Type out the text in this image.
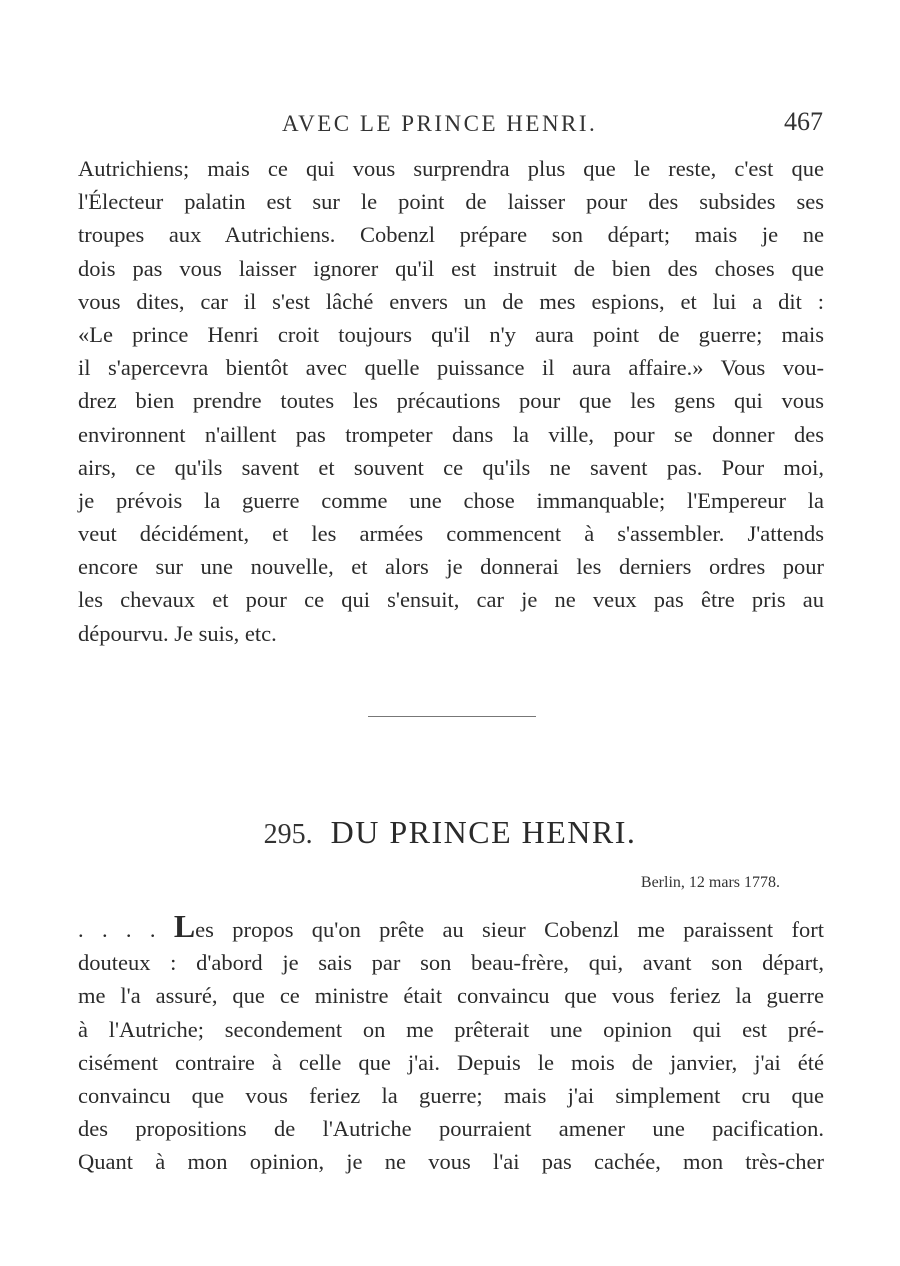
AVEC LE PRINCE HENRI.	467
Autrichiens; mais ce qui vous surprendra plus que le reste, c'est que
l'Électeur palatin est sur le point de laisser pour des subsides ses
troupes aux Autrichiens. Cobenzl prépare son départ; mais je ne
dois pas vous laisser ignorer qu'il est instruit de bien des choses que
vous dites, car il s'est lâché envers un de mes espions, et lui a dit :
«Le prince Henri croit toujours qu'il n'y aura point de guerre; mais
il s'apercevra bientôt avec quelle puissance il aura affaire.» Vous vou-
drez bien prendre toutes les précautions pour que les gens qui vous
environnent n'aillent pas trompeter dans la ville, pour se donner des
airs, ce qu'ils savent et souvent ce qu'ils ne savent pas. Pour moi,
je prévois la guerre comme une chose immanquable; l'Empereur la
veut décidément, et les armées commencent à s'assembler. J'attends
encore sur une nouvelle, et alors je donnerai les derniers ordres pour
les chevaux et pour ce qui s'ensuit, car je ne veux pas être pris au
dépourvu. Je suis, etc.
295. DU PRINCE HENRI.
Berlin, 12 mars 1778.
. . . . Les propos qu'on prête au sieur Cobenzl me paraissent fort
douteux : d'abord je sais par son beau-frère, qui, avant son départ,
me l'a assuré, que ce ministre était convaincu que vous feriez la guerre
à l'Autriche; secondement on me prêterait une opinion qui est pré-
cisément contraire à celle que j'ai. Depuis le mois de janvier, j'ai été
convaincu que vous feriez la guerre; mais j'ai simplement cru que
des propositions de l'Autriche pourraient amener une pacification.
Quant à mon opinion, je ne vous l'ai pas cachée, mon très-cher
